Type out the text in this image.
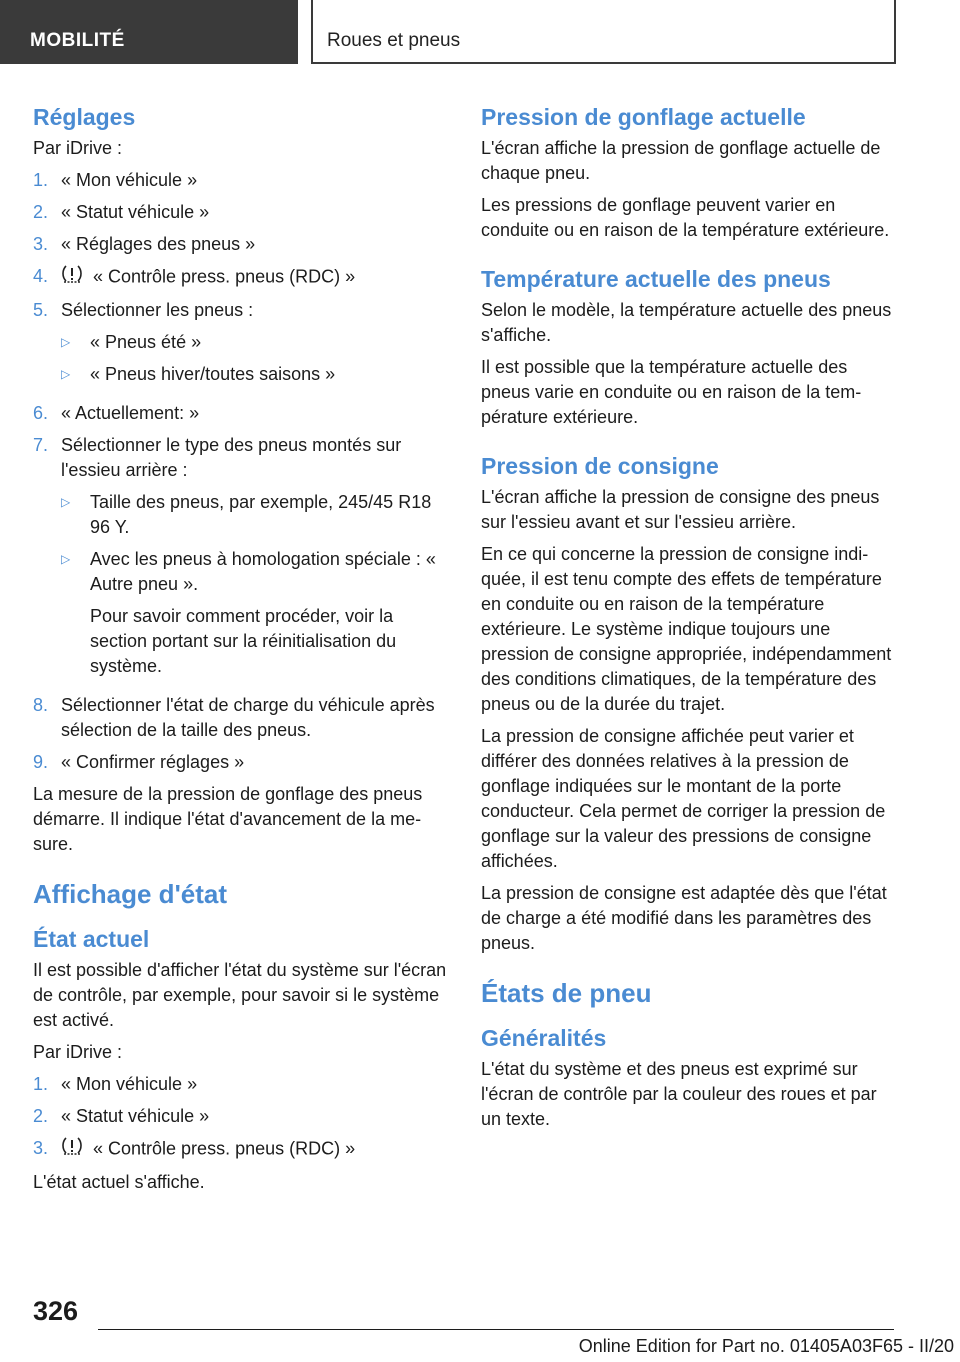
MOBILITÉ	Roues et pneus
Réglages

Par iDrive :

1. « Mon véhicule »
2. « Statut véhicule »
3. « Réglages des pneus »
4.	« Contrôle press. pneus (RDC) »
5. Sélectionner les pneus :
▷	« Pneus été »
▷	« Pneus hiver/toutes saisons »
6. « Actuellement: »
7. Sélectionner le type des pneus montés sur l'essieu arrière :
▷	Taille des pneus, par exemple, 245/45 R18 96 Y.
▷	Avec les pneus à homologation spéciale : « Autre pneu ».
Pour savoir comment procéder, voir la section portant sur la réinitialisation du système.
8. Sélectionner l'état de charge du véhicule après sélection de la taille des pneus.
9. « Confirmer réglages »

La mesure de la pression de gonflage des pneus démarre. Il indique l'état d'avancement de la mesure.

Affichage d'état
État actuel

Il est possible d'afficher l'état du système sur l'écran de contrôle, par exemple, pour savoir si le système est activé.

Par iDrive :

1. « Mon véhicule »
2. « Statut véhicule »
3.	« Contrôle press. pneus (RDC) »

L'état actuel s'affiche.

Pression de gonflage actuelle

L'écran affiche la pression de gonflage actuelle de chaque pneu.

Les pressions de gonflage peuvent varier en conduite ou en raison de la température extérieure.

Température actuelle des pneus

Selon le modèle, la température actuelle des pneus s'affiche.

Il est possible que la température actuelle des pneus varie en conduite ou en raison de la température extérieure.

Pression de consigne

L'écran affiche la pression de consigne des pneus sur l'essieu avant et sur l'essieu arrière.

En ce qui concerne la pression de consigne indiquée, il est tenu compte des effets de température en conduite ou en raison de la température extérieure. Le système indique toujours une pression de consigne appropriée, indépendamment des conditions climatiques, de la température des pneus ou de la durée du trajet.

La pression de consigne affichée peut varier et différer des données relatives à la pression de gonflage indiquées sur le montant de la porte conducteur. Cela permet de corriger la pression de gonflage sur la valeur des pressions de consigne affichées.

La pression de consigne est adaptée dès que l'état de charge a été modifié dans les paramètres des pneus.

États de pneu
Généralités

L'état du système et des pneus est exprimé sur l'écran de contrôle par la couleur des roues et par un texte.

326
Online Edition for Part no. 01405A03F65 - II/20
